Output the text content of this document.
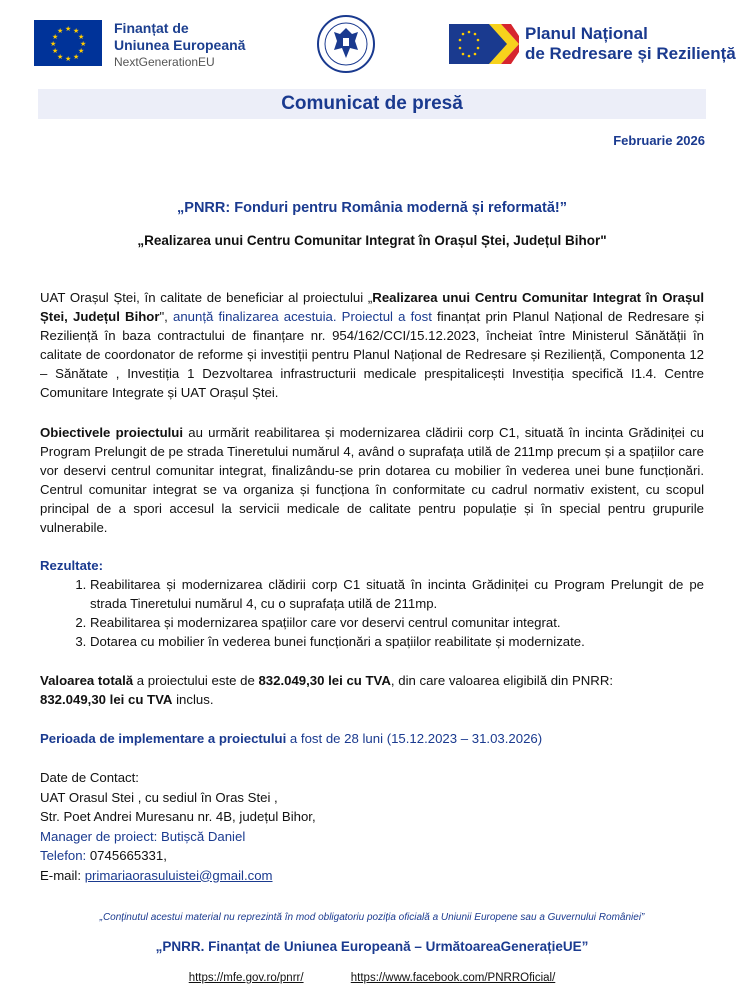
★ ★
★
★
★
★
★
★
★
★
★
★	Finanțat de
Uniunea Europeană
NextGenerationEU
Planul Național
de Redresare și Reziliență
Comunicat de presă
Februarie 2026
„PNRR: Fonduri pentru România modernă și reformată!”
„Realizarea unui Centru Comunitar Integrat în Orașul Ștei, Județul Bihor"
UAT Orașul Ștei, în calitate de beneficiar al proiectului „Realizarea unui Centru Comunitar Integrat în Orașul Ștei, Județul Bihor", anunță finalizarea acestuia. Proiectul a fost finanțat prin Planul Național de Redresare și Reziliență în baza contractului de finanțare nr. 954/162/CCI/15.12.2023, încheiat între Ministerul Sănătății în calitate de coordonator de reforme și investiții pentru Planul Național de Redresare și Reziliență, Componenta 12 – Sănătate , Investiția 1 Dezvoltarea infrastructurii medicale prespitalicești Investiția specifică I1.4. Centre Comunitare Integrate și UAT Orașul Ștei.
Obiectivele proiectului au urmărit reabilitarea și modernizarea clădirii corp C1, situată în incinta Grădiniței cu Program Prelungit de pe strada Tineretului numărul 4, având o suprafața utilă de 211mp precum și a spațiilor care vor deservi centrul comunitar integrat, finalizându-se prin dotarea cu mobilier în vederea unei bune funcționări. Centrul comunitar integrat se va organiza și funcționa în conformitate cu cadrul normativ existent, cu scopul principal de a spori accesul la servicii medicale de calitate pentru populație și în special pentru grupurile vulnerabile.
Rezultate:
1. Reabilitarea și modernizarea clădirii corp C1 situată în incinta Grădiniței cu Program Prelungit de pe strada Tineretului numărul 4, cu o suprafața utilă de 211mp.
2. Reabilitarea și modernizarea spațiilor care vor deservi centrul comunitar integrat.
3. Dotarea cu mobilier în vederea bunei funcționări a spațiilor reabilitate și modernizate.
Valoarea totală a proiectului este de 832.049,30 lei cu TVA, din care valoarea eligibilă din PNRR:
832.049,30 lei cu TVA inclus.
Perioada de implementare a proiectului a fost de 28 luni (15.12.2023 – 31.03.2026)
Date de Contact:
UAT Orasul Stei , cu sediul în Oras Stei ,
Str. Poet Andrei Muresanu nr. 4B, județul Bihor,
Manager de proiect: Butișcă Daniel
Telefon: 0745665331,
E-mail: primariaorasuluistei@gmail.com
„Conținutul acestui material nu reprezintă în mod obligatoriu poziția oficială a Uniunii Europene sau a Guvernului României”
„PNRR. Finanțat de Uniunea Europeană – UrmătoareaGenerațieUE”
https://mfe.gov.ro/pnrr/	https://www.facebook.com/PNRROficial/
